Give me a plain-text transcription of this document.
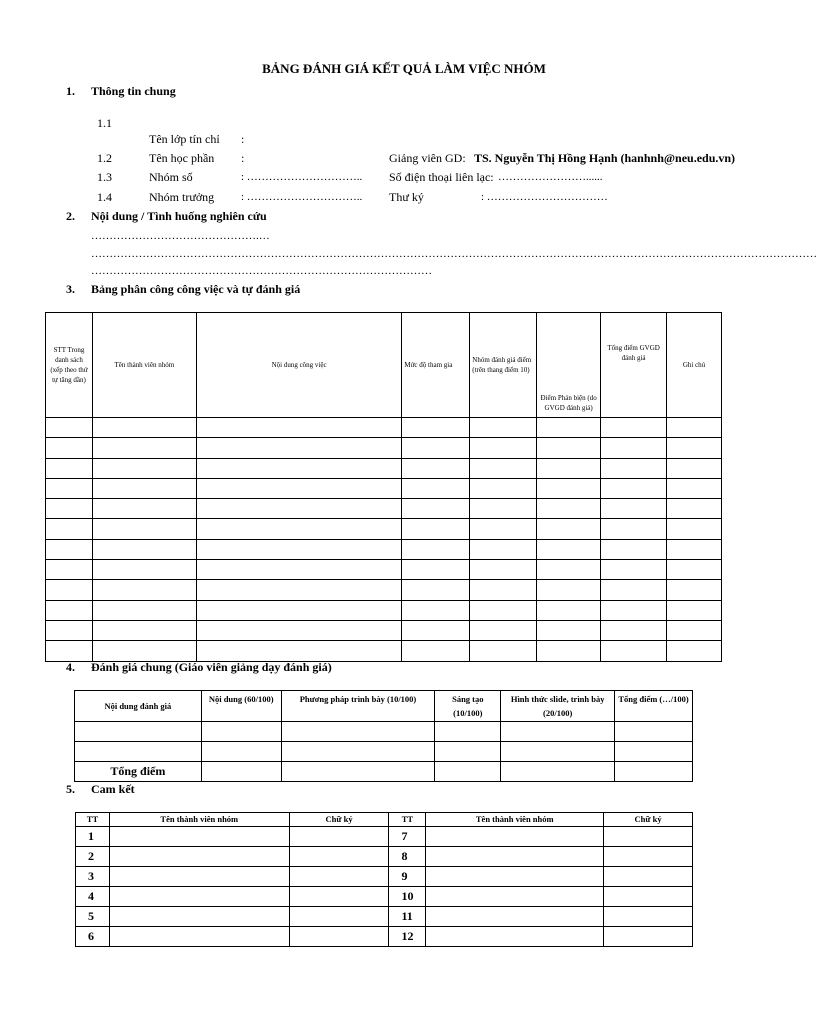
BẢNG ĐÁNH GIÁ KẾT QUẢ LÀM VIỆC NHÓM
1. Thông tin chung
1.1
Tên lớp tín chỉ :
1.2	Tên học phần :	Giảng viên GD: TS. Nguyễn Thị Hồng Hạnh (hanhnh@neu.edu.vn)
1.3	Nhóm số	: ………………………….. Số điện thoại liên lạc: ……………………......
1.4	Nhóm trưởng : ………………………….. Thư ký	: ……………………………
2. Nội dung / Tình huống nghiên cứu
……………………………………….…
………………………………………………………………………………………………………………………………………………………………………………
…………………………………………………………………………………
3. Bảng phân công công việc và tự đánh giá
STT Trong danh sách (xếp theo thứ tự tăng dần)	Tên thành viên nhóm	Nội dung công việc	Mức độ tham gia	Nhóm đánh giá điểm (trên thang điểm 10)	Điểm Phản biện (do GVGD đánh giá)	Tổng điểm GVGD đánh giá	Ghi chú

4. Đánh giá chung (Giáo viên giảng dạy đánh giá)
Nội dung đánh giá	Nội dung (60/100)	Phương pháp trình bày (10/100)	Sáng tạo (10/100)	Hình thức slide, trình bày (20/100)	Tổng điểm (…/100)

Tổng điểm					
5. Cam kết
TT	Tên thành viên nhóm	Chữ ký	TT	Tên thành viên nhóm	Chữ ký
1			7		
2			8		
3			9		
4			10		
5			11		
6			12		
